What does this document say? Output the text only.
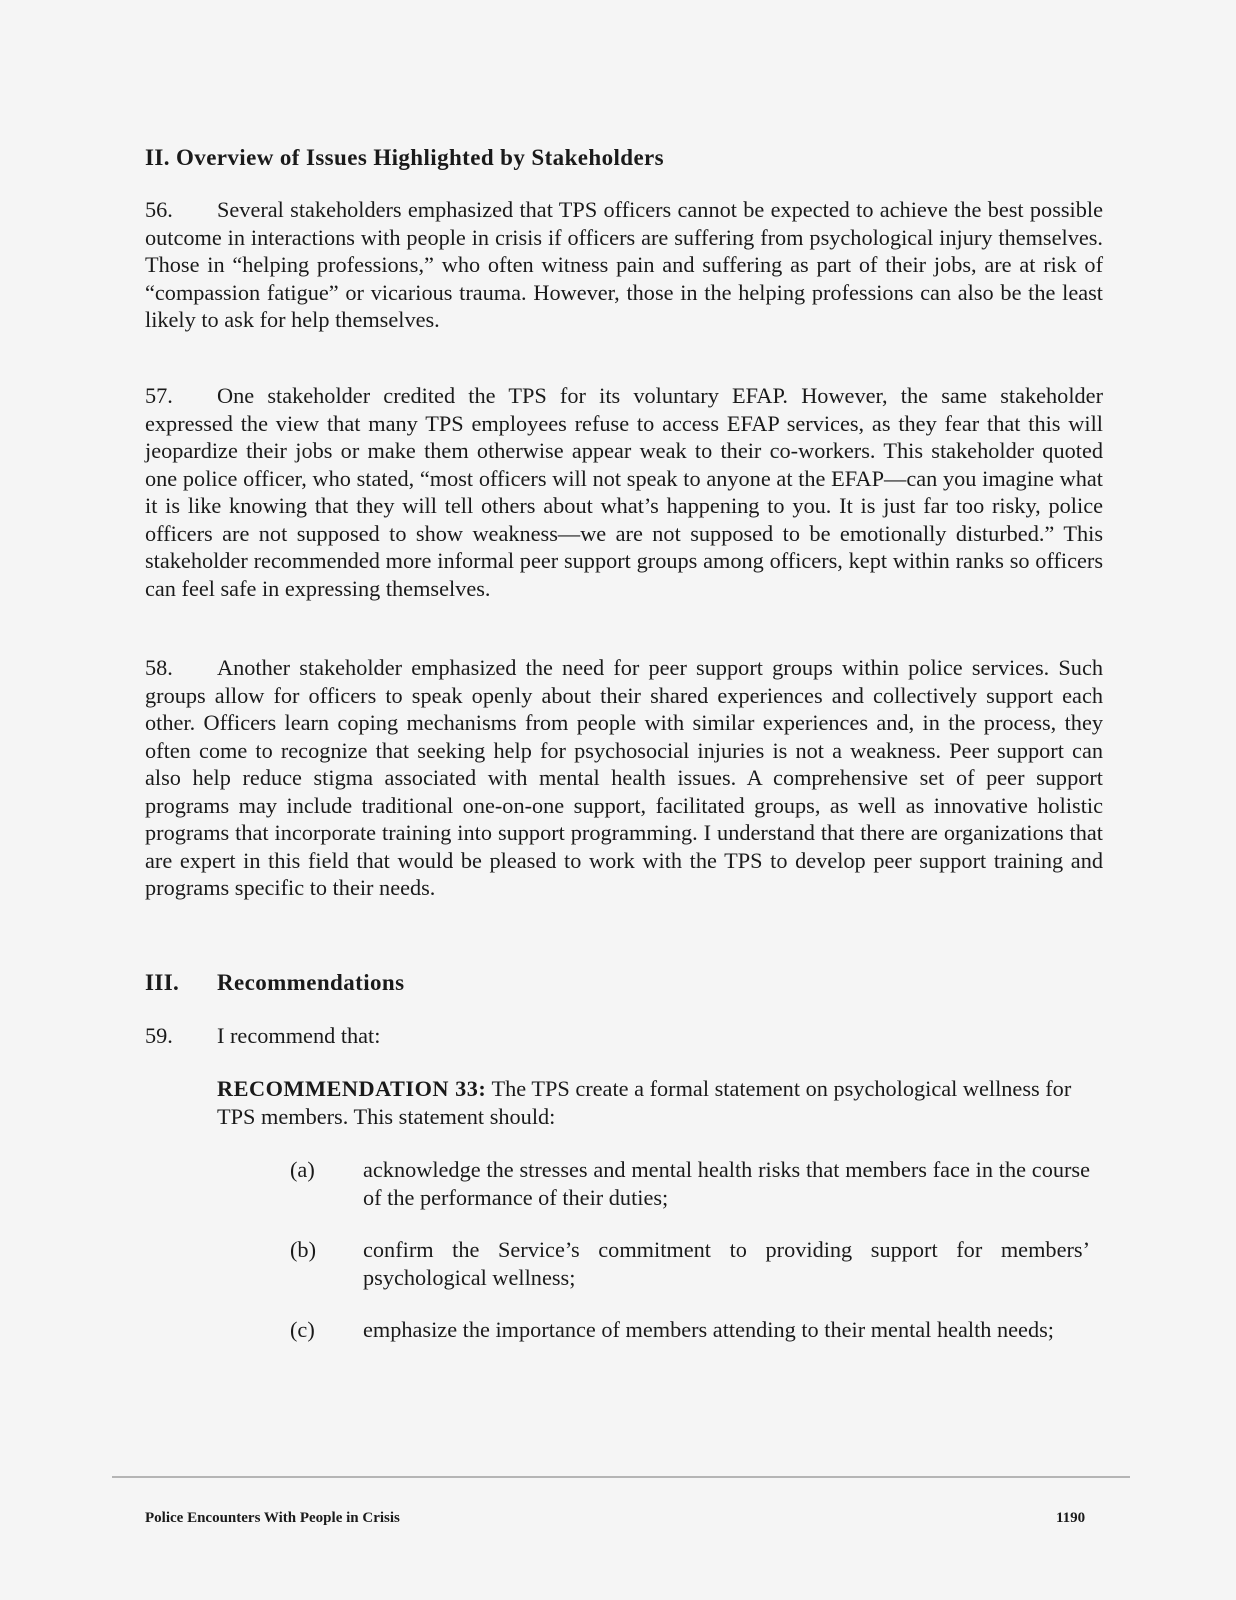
II. Overview of Issues Highlighted by Stakeholders

56. Several stakeholders emphasized that TPS officers cannot be expected to achieve the best possible outcome in interactions with people in crisis if officers are suffering from psychological injury themselves. Those in “helping professions,” who often witness pain and suffering as part of their jobs, are at risk of “compassion fatigue” or vicarious trauma. However, those in the helping professions can also be the least likely to ask for help themselves.

57. One stakeholder credited the TPS for its voluntary EFAP. However, the same stakeholder expressed the view that many TPS employees refuse to access EFAP services, as they fear that this will jeopardize their jobs or make them otherwise appear weak to their co-workers. This stakeholder quoted one police officer, who stated, “most officers will not speak to anyone at the EFAP—can you imagine what it is like knowing that they will tell others about what’s happening to you. It is just far too risky, police officers are not supposed to show weakness—we are not supposed to be emotionally disturbed.” This stakeholder recommended more informal peer support groups among officers, kept within ranks so officers can feel safe in expressing themselves.

58. Another stakeholder emphasized the need for peer support groups within police services. Such groups allow for officers to speak openly about their shared experiences and collectively support each other. Officers learn coping mechanisms from people with similar experiences and, in the process, they often come to recognize that seeking help for psychosocial injuries is not a weakness. Peer support can also help reduce stigma associated with mental health issues. A comprehensive set of peer support programs may include traditional one-on-one support, facilitated groups, as well as innovative holistic programs that incorporate training into support programming. I understand that there are organizations that are expert in this field that would be pleased to work with the TPS to develop peer support training and programs specific to their needs.

III. Recommendations
59. I recommend that:

RECOMMENDATION 33: The TPS create a formal statement on psychological wellness for TPS members. This statement should:

(a) acknowledge the stresses and mental health risks that members face in the course of the performance of their duties;
(b) confirm the Service’s commitment to providing support for members’ psychological wellness;
(c) emphasize the importance of members attending to their mental health needs;
Police Encounters With People in Crisis	1190
